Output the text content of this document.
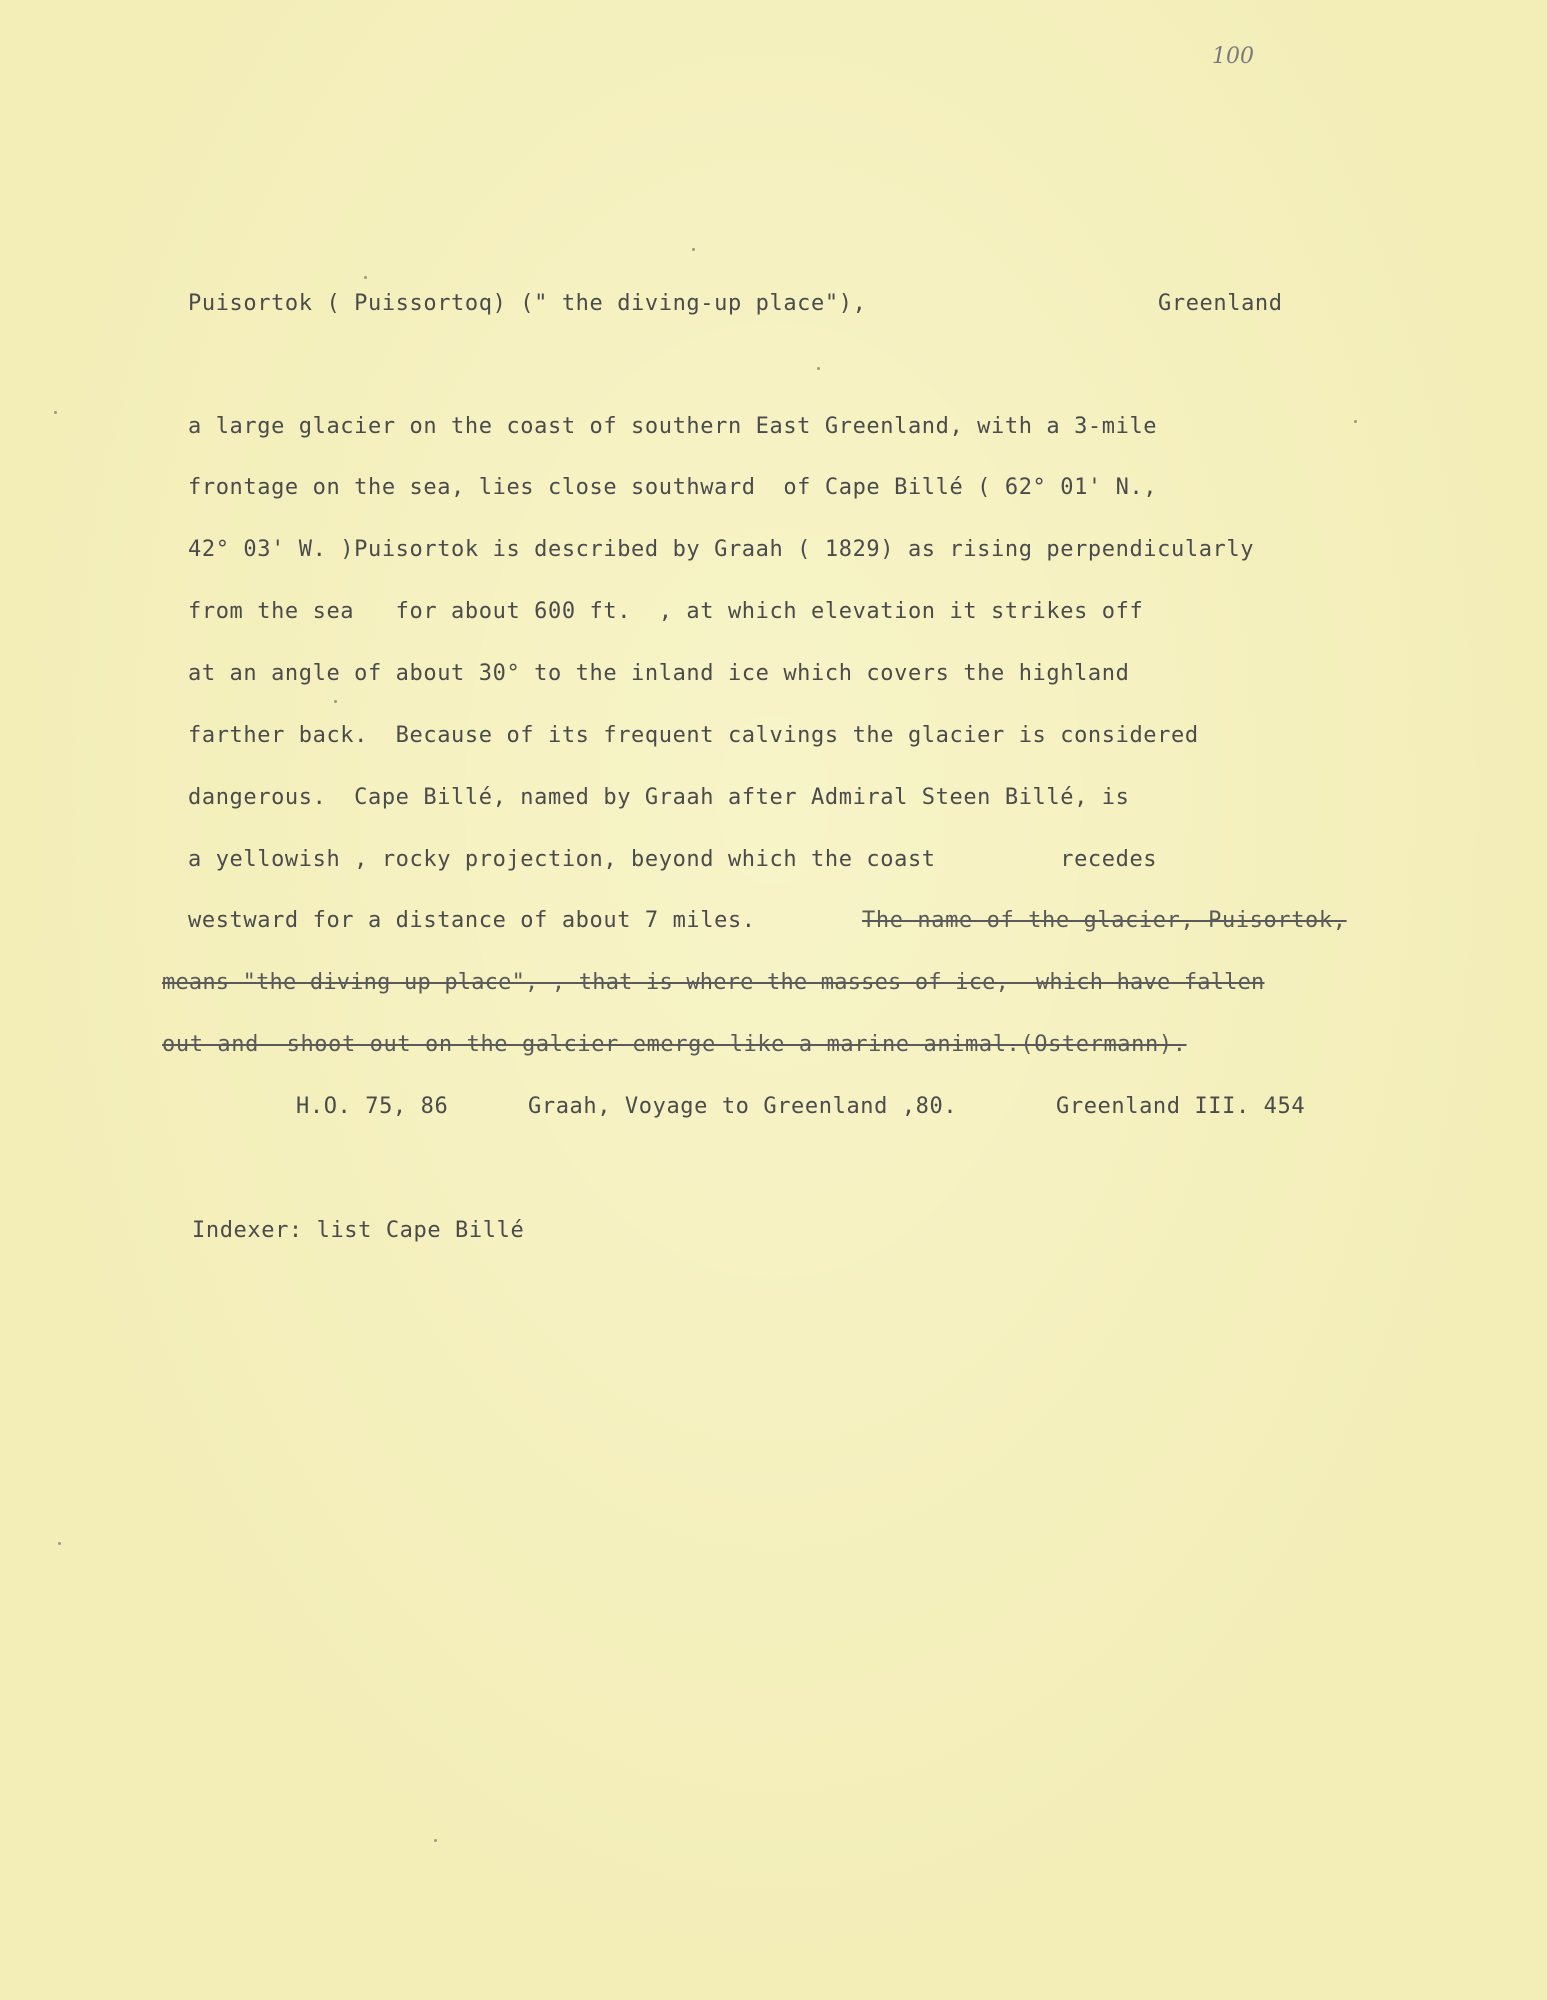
100
Puisortok ( Puissortoq) (" the diving-up place"),	Greenland
a large glacier on the coast of southern East Greenland, with a 3-mile
frontage on the sea, lies close southward  of Cape Billé ( 62° 01' N.,
42° 03' W. )Puisortok is described by Graah ( 1829) as rising perpendicularly
from the sea   for about 600 ft.  , at which elevation it strikes off
at an angle of about 30° to the inland ice which covers the highland
farther back.  Because of its frequent calvings the glacier is considered
dangerous.  Cape Billé, named by Graah after Admiral Steen Billé, is
a yellowish , rocky projection, beyond which the coast         recedes
westward for a distance of about 7 miles.	The name of the glacier, Puisortok,
means "the diving-up place", , that is where the masses of ice,  which have fallen
out and  shoot out on the galcier emerge like a marine animal.(Ostermann).
H.O. 75, 86	Graah, Voyage to Greenland ,80.	Greenland III. 454
Indexer: list Cape Billé
